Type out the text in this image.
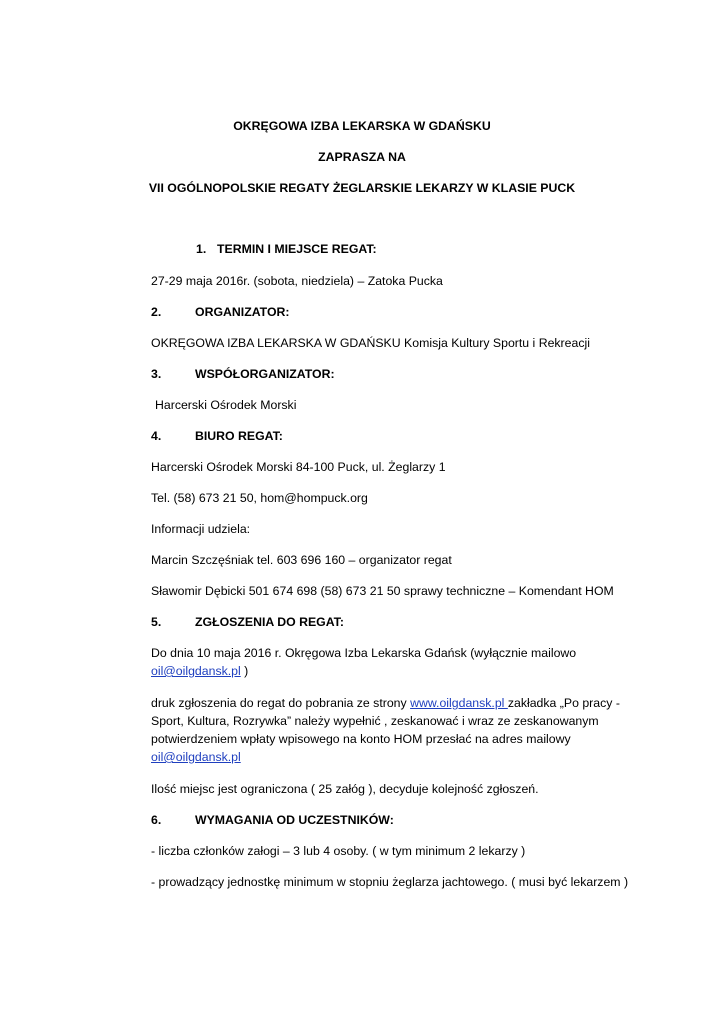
OKRĘGOWA IZBA LEKARSKA W GDAŃSKU
ZAPRASZA NA
VII OGÓLNOPOLSKIE REGATY ŻEGLARSKIE LEKARZY W KLASIE PUCK
1. TERMIN I MIEJSCE REGAT:
27-29 maja 2016r. (sobota, niedziela) – Zatoka Pucka
2.	ORGANIZATOR:
OKRĘGOWA IZBA LEKARSKA W GDAŃSKU Komisja Kultury Sportu i Rekreacji
3.	WSPÓŁORGANIZATOR:
Harcerski Ośrodek Morski
4.	BIURO REGAT:
Harcerski Ośrodek Morski 84-100 Puck, ul. Żeglarzy 1
Tel. (58) 673 21 50, hom@hompuck.org
Informacji udziela:
Marcin Szczęśniak tel. 603 696 160 – organizator regat
Sławomir Dębicki 501 674 698 (58) 673 21 50 sprawy techniczne – Komendant HOM
5.	ZGŁOSZENIA DO REGAT:
Do dnia 10 maja 2016 r. Okręgowa Izba Lekarska Gdańsk (wyłącznie mailowo
oil@oilgdansk.pl )
druk zgłoszenia do regat do pobrania ze strony www.oilgdansk.pl zakładka „Po pracy -
Sport, Kultura, Rozrywka” należy wypełnić , zeskanować i wraz ze zeskanowanym
potwierdzeniem wpłaty wpisowego na konto HOM przesłać na adres mailowy
oil@oilgdansk.pl
Ilość miejsc jest ograniczona ( 25 załóg ), decyduje kolejność zgłoszeń.
6.	WYMAGANIA OD UCZESTNIKÓW:
- liczba członków załogi – 3 lub 4 osoby. ( w tym minimum 2 lekarzy )
- prowadzący jednostkę minimum w stopniu żeglarza jachtowego. ( musi być lekarzem )
